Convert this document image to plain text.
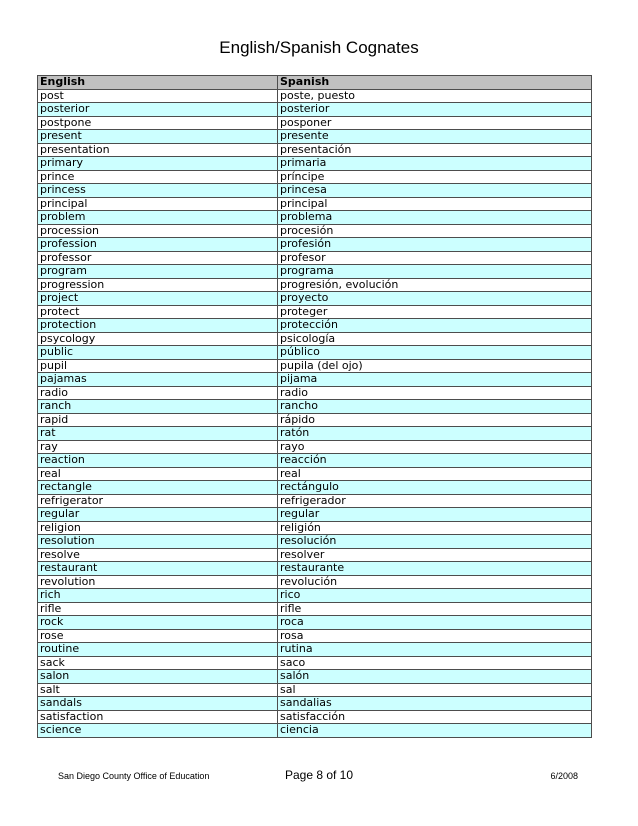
English/Spanish Cognates
English	Spanish
post	poste, puesto
posterior	posterior
postpone	posponer
present	presente
presentation	presentación
primary	primaria
prince	príncipe
princess	princesa
principal	principal
problem	problema
procession	procesión
profession	profesión
professor	profesor
program	programa
progression	progresión, evolución
project	proyecto
protect	proteger
protection	protección
psycology	psicología
public	público
pupil	pupila (del ojo)
pajamas	pijama
radio	radio
ranch	rancho
rapid	rápido
rat	ratón
ray	rayo
reaction	reacción
real	real
rectangle	rectángulo
refrigerator	refrigerador
regular	regular
religion	religión
resolution	resolución
resolve	resolver
restaurant	restaurante
revolution	revolución
rich	rico
rifle	rifle
rock	roca
rose	rosa
routine	rutina
sack	saco
salon	salón
salt	sal
sandals	sandalias
satisfaction	satisfacción
science	ciencia
San Diego County Office of Education	Page 8 of 10	6/2008
